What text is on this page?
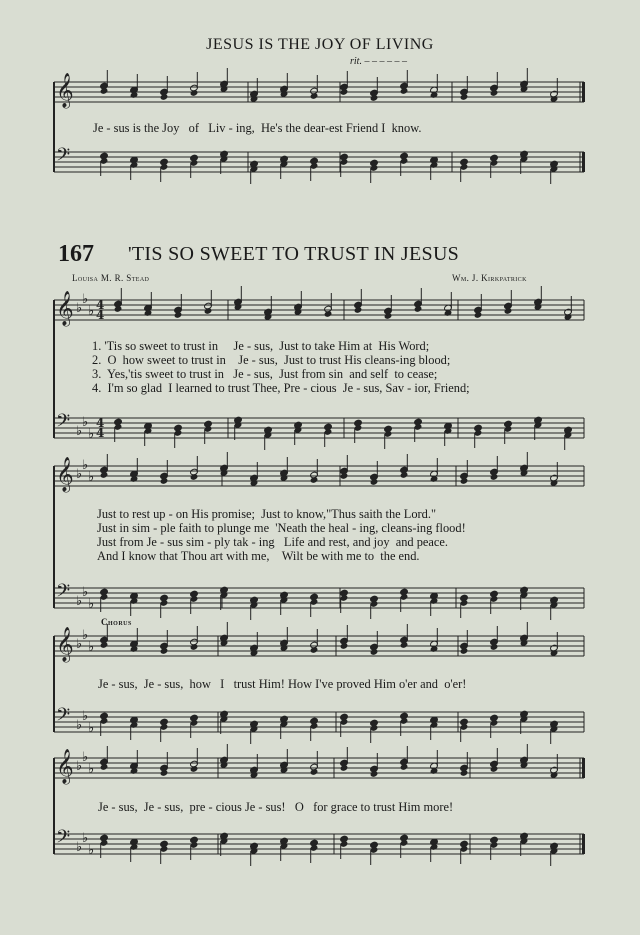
JESUS IS THE JOY OF LIVING
rit. – – – – – –
𝄞
𝄢
𝄞 ♭
♭
♭ 4
4
𝄢 ♭
♭
♭
4
4
𝄞 ♭
♭
♭
𝄢 ♭
♭
♭
𝄞 ♭
♭
♭
𝄢 ♭
♭
♭
𝄞 ♭
♭
♭
𝄢 ♭
♭
♭
Je - sus is the Joy   of   Liv - ing,  He's the dear-est Friend I  know.
167 'TIS SO SWEET TO TRUST IN JESUS
Louisa M. R. Stead	Wm. J. Kirkpatrick
1. 'Tis so sweet to trust in     Je - sus,  Just to take Him at  His Word;
2.  O  how sweet to trust in    Je - sus,  Just to trust His cleans-ing blood;
3.  Yes,'tis sweet to trust in   Je - sus,  Just from sin  and self  to cease;
4.  I'm so glad  I learned to trust Thee, Pre - cious  Je - sus, Sav - ior, Friend;
Just to rest up - on His promise;  Just to know,"Thus saith the Lord."
Just in sim - ple faith to plunge me  'Neath the heal - ing, cleans-ing flood!
Just from Je - sus sim - ply tak - ing   Life and rest, and joy  and peace.
And I know that Thou art with me,    Wilt be with me to  the end.
Chorus
Je - sus,  Je - sus,  how   I   trust Him! How I've proved Him o'er and  o'er!
Je - sus,  Je - sus,  pre - cious Je - sus!   O   for grace to trust Him more!
